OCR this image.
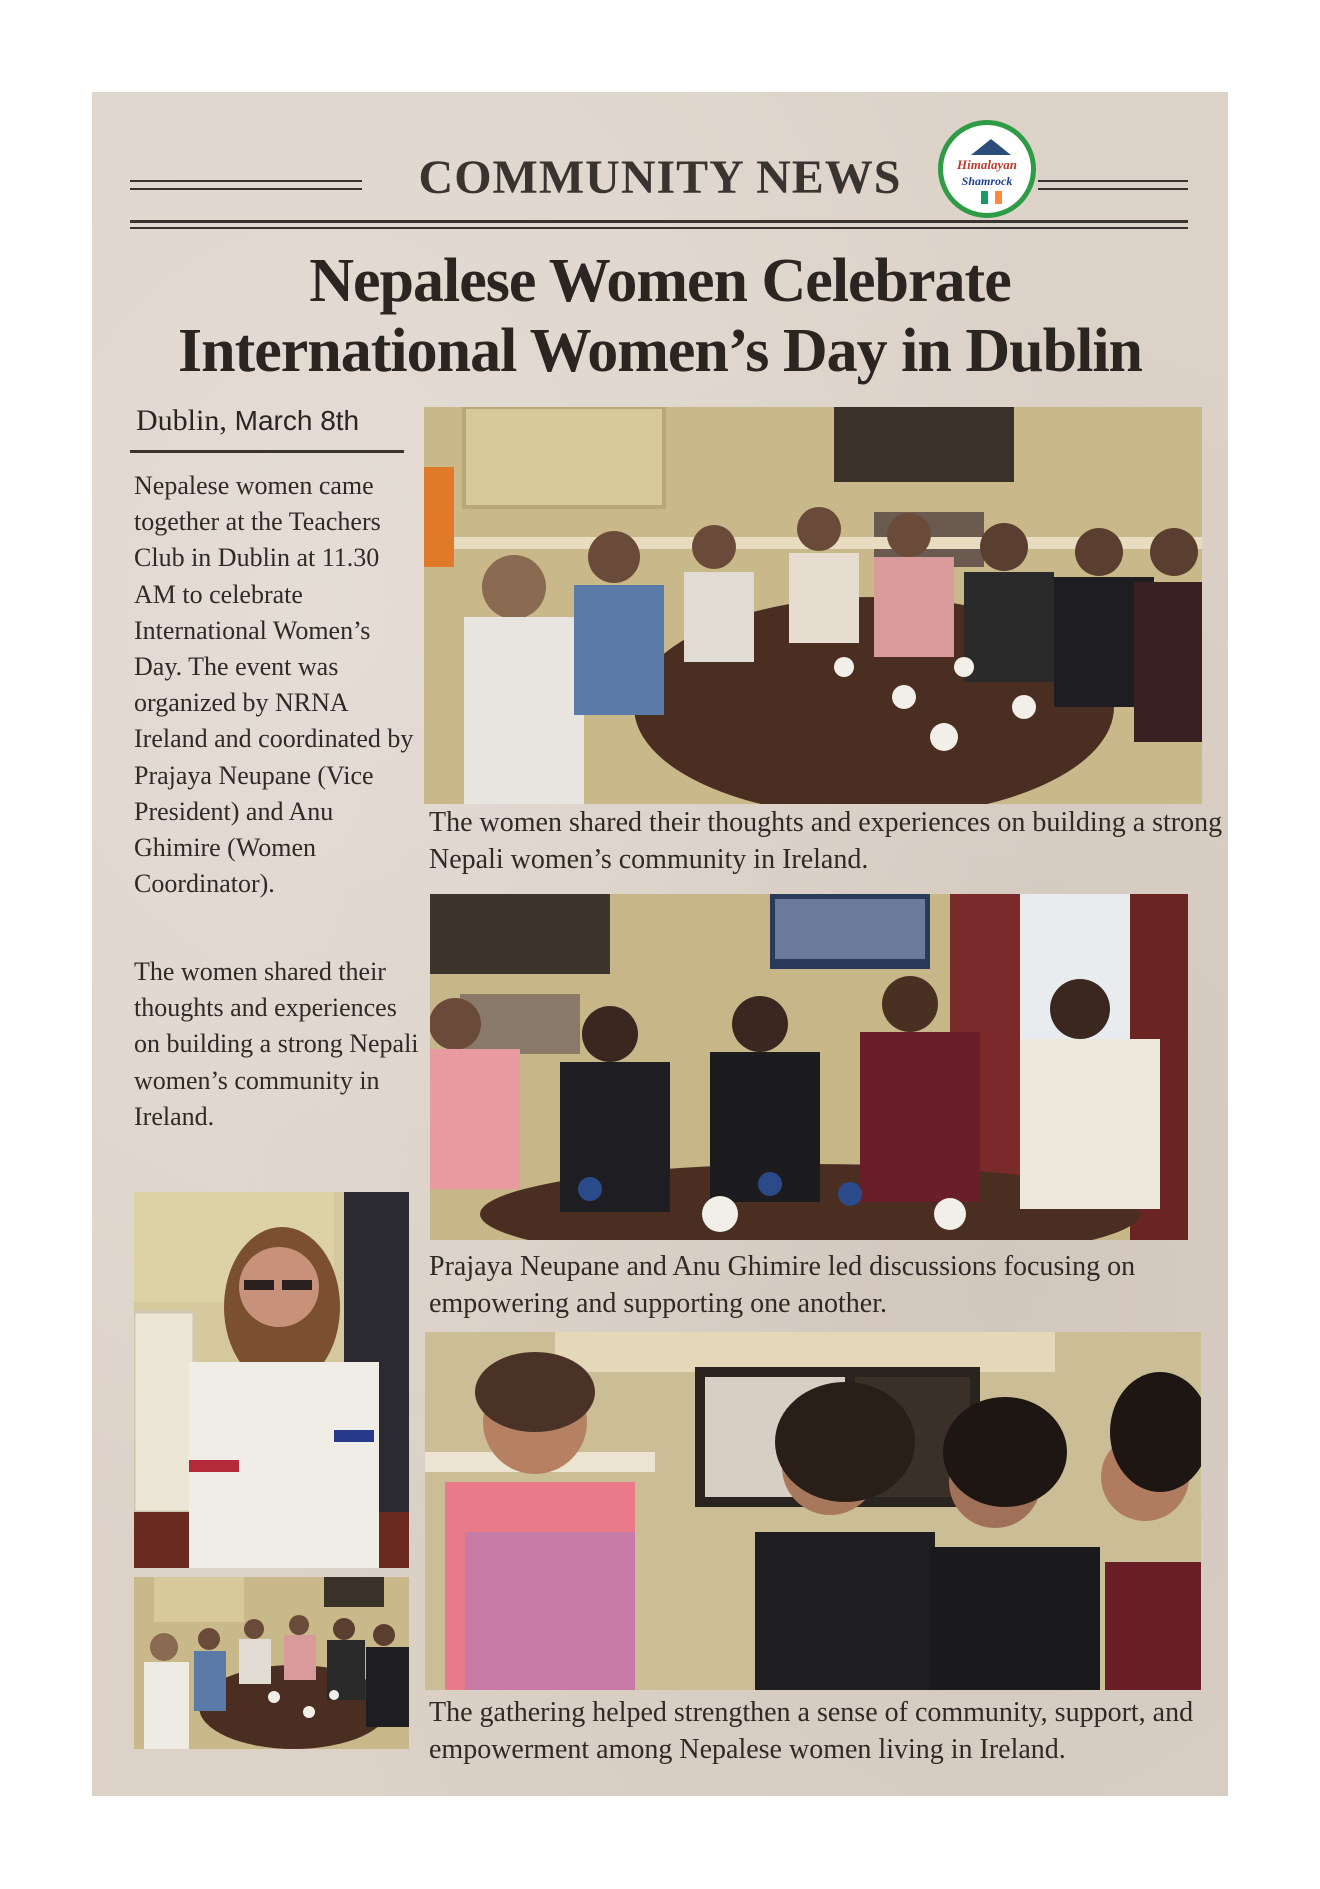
COMMUNITY NEWS	Himalayan
Shamrock
Nepalese Women Celebrate
International Women’s Day in Dublin
Dublin, March 8th
Nepalese women came together at the Teachers Club in Dublin at 11.30 AM to celebrate International Women’s Day. The event was organized by NRNA Ireland and coordinated by Prajaya Neupane (Vice President) and Anu Ghimire (Women Coordinator).
The women shared their thoughts and experiences on building a strong Nepali women’s community in Ireland.
The women shared their thoughts and experiences on building a strong Nepali women’s community in Ireland.
Prajaya Neupane and Anu Ghimire led discussions focusing on empowering and supporting one another.
The gathering helped strengthen a sense of community, support, and empowerment among Nepalese women living in Ireland.
